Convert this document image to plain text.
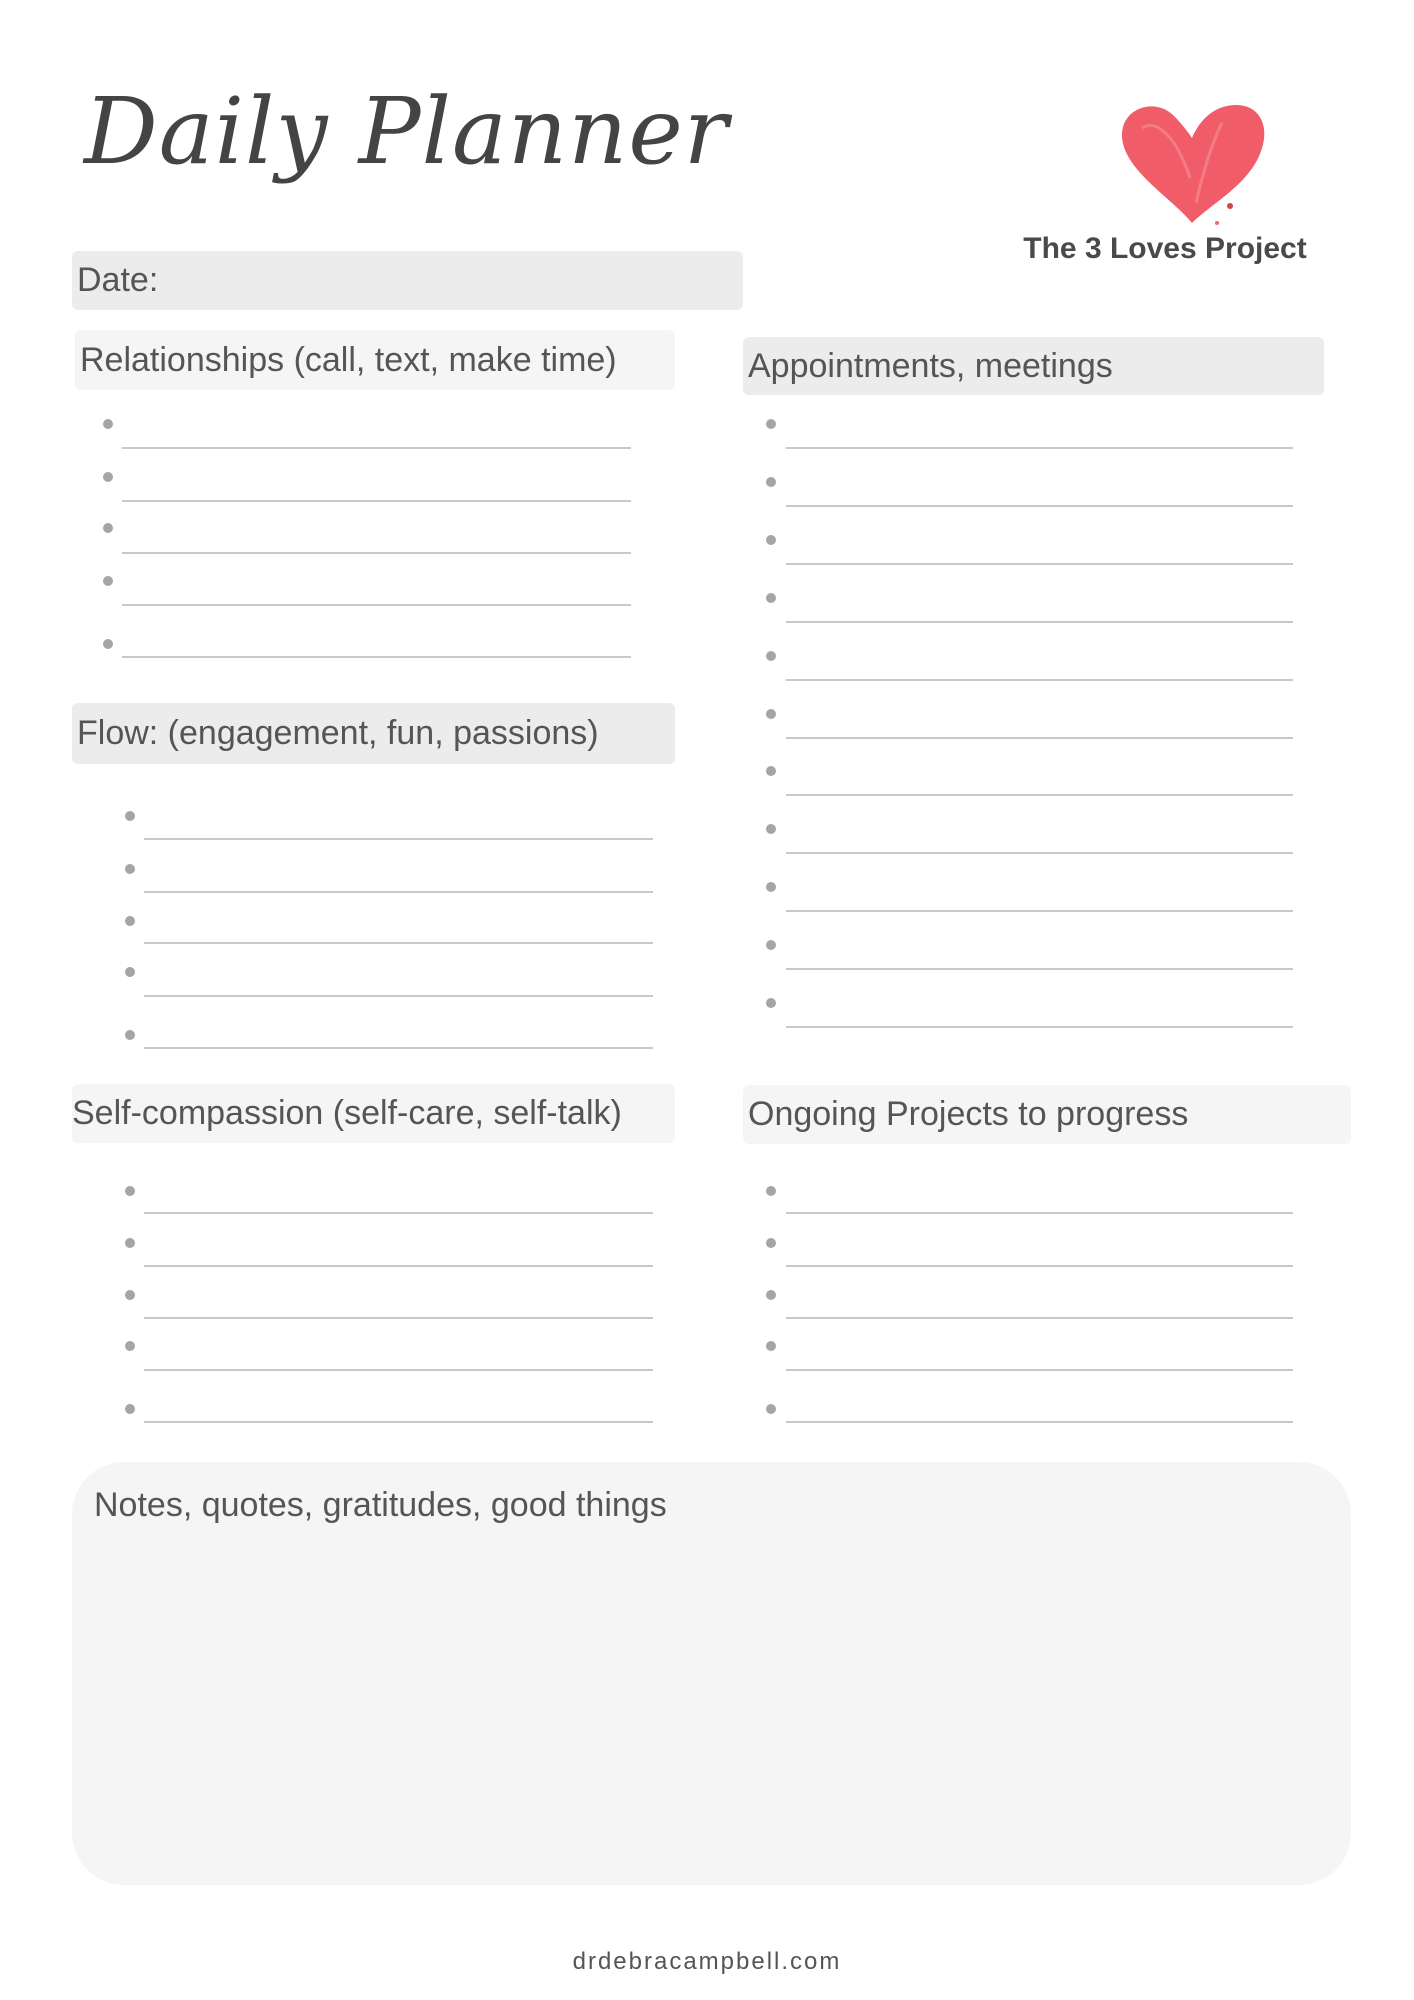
Daily Planner
The 3 Loves Project
Date:
Relationships (call, text, make time)
Flow: (engagement, fun, passions)
Self-compassion (self-care, self-talk)
Appointments, meetings
Ongoing Projects to progress
Notes, quotes, gratitudes, good things
drdebracampbell.com
